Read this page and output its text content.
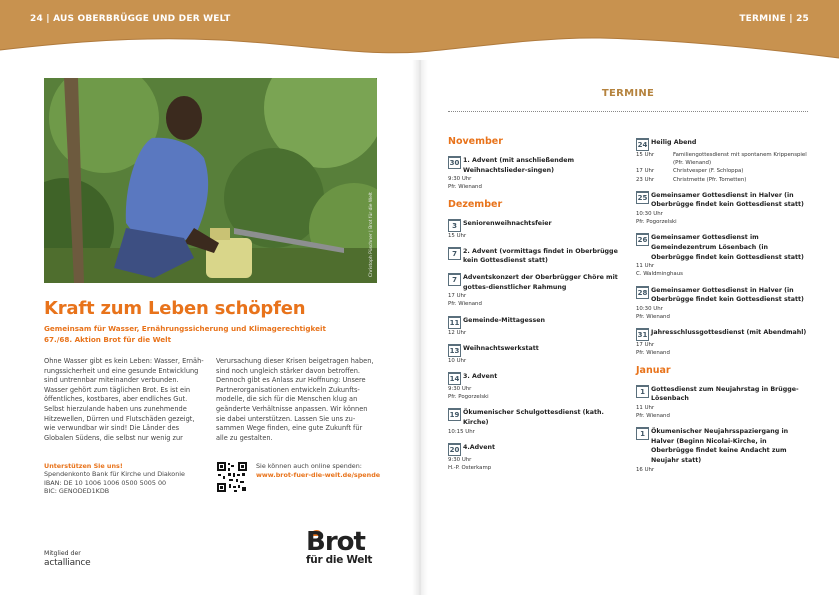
24 | AUS OBERBRÜGGE UND DER WELT	TERMINE | 25
Christoph Püschner | Brot für die Welt
Kraft zum Leben schöpfen
Gemeinsam für Wasser, Ernährungssicherung und Klimagerechtigkeit
67./68. Aktion Brot für die Welt
Ohne Wasser gibt es kein Leben: Wasser, Ernäh-
rungssicherheit und eine gesunde Entwicklung
sind untrennbar miteinander verbunden.
Wasser gehört zum täglichen Brot. Es ist ein
öffentliches, kostbares, aber endliches Gut.
Selbst hierzulande haben uns zunehmende
Hitzewellen, Dürren und Flutschäden gezeigt,
wie verwundbar wir sind! Die Länder des
Globalen Südens, die selbst nur wenig zur
Verursachung dieser Krisen beigetragen haben,
sind noch ungleich stärker davon betroffen.
Dennoch gibt es Anlass zur Hoffnung: Unsere
Partnerorganisationen entwickeln Zukunfts-
modelle, die sich für die Menschen klug an
geänderte Verhältnisse anpassen. Wir können
sie dabei unterstützen. Lassen Sie uns zu-
sammen Wege finden, eine gute Zukunft für
alle zu gestalten.
Unterstützen Sie uns!
Spendenkonto Bank für Kirche und Diakonie
IBAN: DE 10 1006 1006 0500 5005 00
BIC: GENODED1KDB
Sie können auch online spenden:
www.brot-fuer-die-welt.de/spende
Mitglied der
actalliance
Brot
für die Welt
TERMINE
November
30 1. Advent (mit anschließendem Weihnachtslieder-singen)
9:30 Uhr
Pfr. Wienand
Dezember
3 Seniorenweihnachtsfeier
15 Uhr
7 2. Advent (vormittags findet in Oberbrügge kein Gottesdienst statt)
7 Adventskonzert der Oberbrügger Chöre mit gottes-dienstlicher Rahmung
17 Uhr
Pfr. Wienand
11 Gemeinde-Mittagessen
12 Uhr
13 Weihnachtswerkstatt
10 Uhr
14 3. Advent
9:30 Uhr
Pfr. Pogorzelski
19 Ökumenischer Schulgottesdienst (kath. Kirche)
10:15 Uhr
20 4.Advent
9:30 Uhr
H.-P. Osterkamp
24 Heilig Abend
15 Uhr	Familiengottesdienst mit spontanem Krippenspiel
(Pfr. Wienand)
17 Uhr	Christvesper (F. Schloppa)
23 Uhr	Christmette (Pfr. Tometten)
25 Gemeinsamer Gottesdienst in Halver (in Oberbrügge findet kein Gottesdienst statt)
10:30 Uhr
Pfr. Pogorzelski
26 Gemeinsamer Gottesdienst im Gemeindezentrum Lösenbach (in Oberbrügge findet kein Gottesdienst statt)
11 Uhr
C. Waldminghaus
28 Gemeinsamer Gottesdienst in Halver (in Oberbrügge findet kein Gottesdienst statt)
10:30 Uhr
Pfr. Wienand
31 Jahresschlussgottesdienst (mit Abendmahl)
17 Uhr
Pfr. Wienand
Januar
1 Gottesdienst zum Neujahrstag in Brügge-Lösenbach
11 Uhr
Pfr. Wienand
1 Ökumenischer Neujahrsspaziergang in Halver (Beginn Nicolai-Kirche, in Oberbrügge findet keine Andacht zum Neujahr statt)
16 Uhr
